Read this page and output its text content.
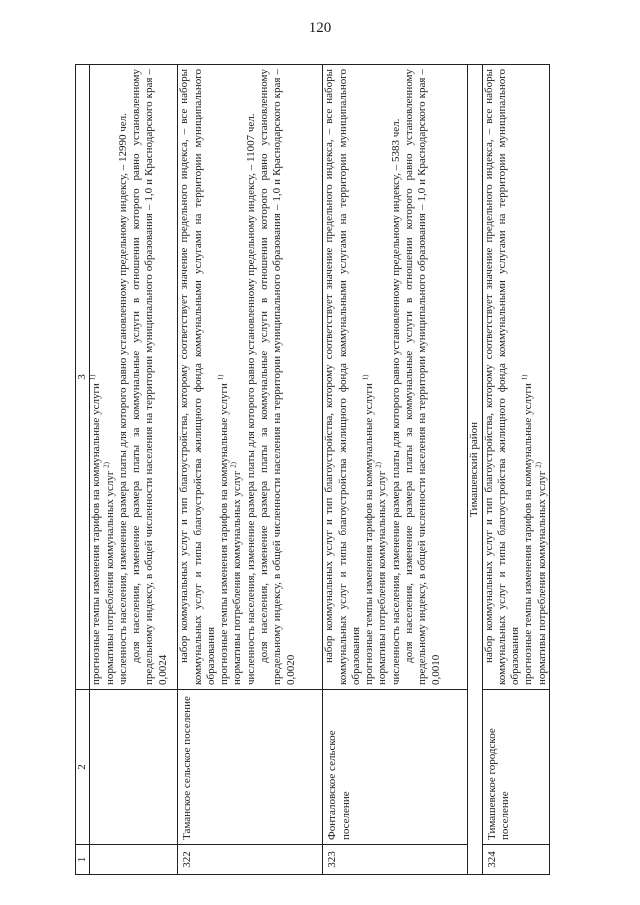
120
1	2	3

		прогнозные темпы изменения тарифов на коммунальные услуги $^{1)}$

нормативы потребления коммунальных услуг $^{2)}$ численность населения, изменение размера платы для которого равно установленному предельному индексу, – 12990 чел. доля населения, изменение размера платы за коммунальные услуги в отношении которого равно установленному предельному индексу, в общей численности населения на территории муниципального образования – 1,0 и Краснодарского края – 0,0024

322	Таманское сельское поселение	набор коммунальных услуг и тип благоустройства, которому соответствует значение предельного индекса, – все наборы коммунальных услуг и типы благоустройства жилищного фонда коммунальными услугами на территории муниципального образования прогнозные темпы изменения тарифов на коммунальные услуги $^{1)}$

нормативы потребления коммунальных услуг $^{2)}$ численность населения, изменение размера платы для которого равно установленному предельному индексу, – 11007 чел. доля населения, изменение размера платы за коммунальные услуги в отношении которого равно установленному предельному индексу, в общей численности населения на территории муниципального образования – 1,0 и Краснодарского края – 0,0020

323	Фонталовское сельское поселение	набор коммунальных услуг и тип благоустройства, которому соответствует значение предельного индекса, – все наборы коммунальных услуг и типы благоустройства жилищного фонда коммунальными услугами на территории муниципального образования прогнозные темпы изменения тарифов на коммунальные услуги $^{1)}$

нормативы потребления коммунальных услуг $^{2)}$ численность населения, изменение размера платы для которого равно установленному предельному индексу, – 5383 чел. доля населения, изменение размера платы за коммунальные услуги в отношении которого равно установленному предельному индексу, в общей численности населения на территории муниципального образования – 1,0 и Краснодарского края – 0,0010

Тимашевский район		
324	Тимашевское городское поселение	набор коммунальных услуг и тип благоустройства, которому соответствует значение предельного индекса, – все наборы коммунальных услуг и типы благоустройства жилищного фонда коммунальными услугами на территории муниципального образования прогнозные темпы изменения тарифов на коммунальные услуги $^{1)}$

нормативы потребления коммунальных услуг $^{2)}$
